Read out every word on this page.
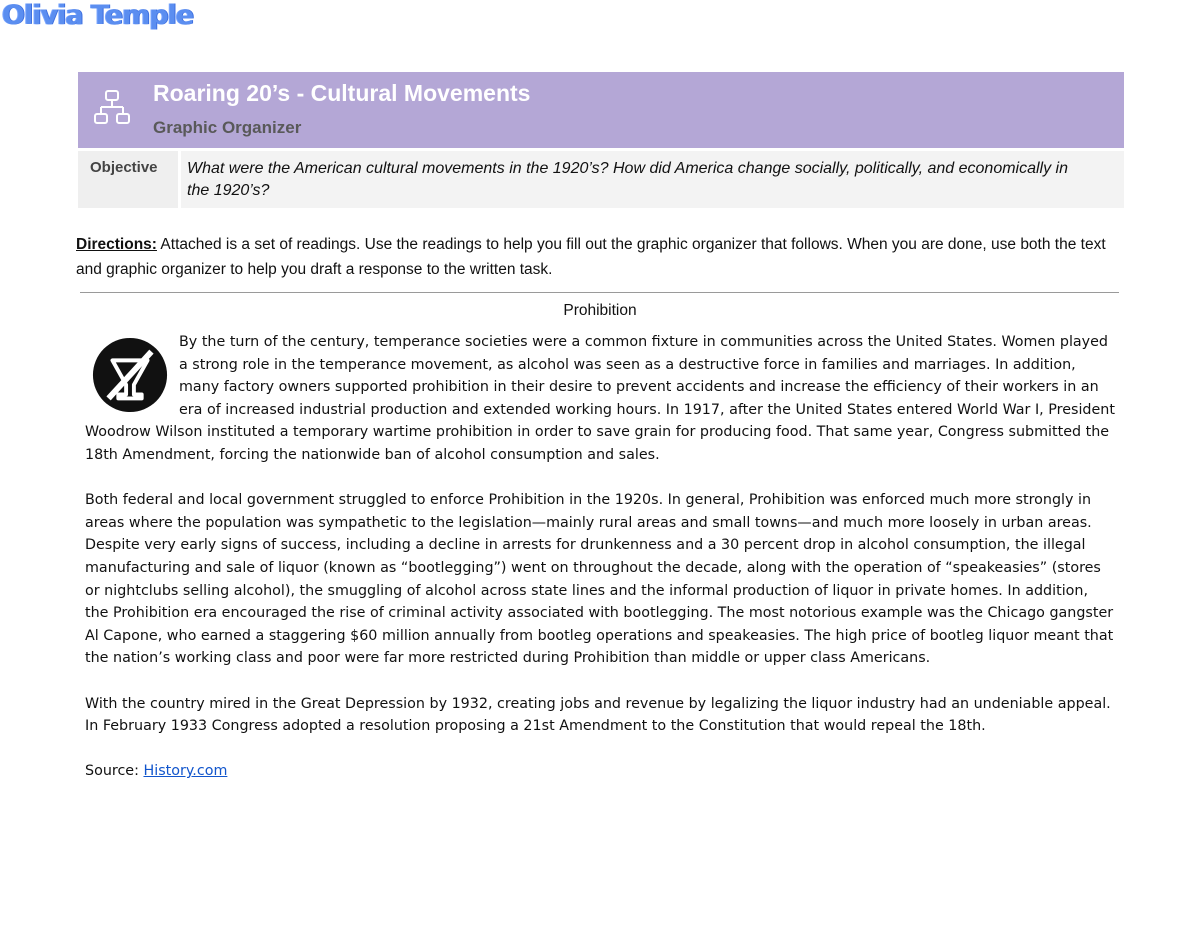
Olivia Temple
Roaring 20’s - Cultural Movements
Graphic Organizer
Objective	What were the American cultural movements in the 1920’s? How did America change socially, politically, and economically in the 1920’s?
Directions: Attached is a set of readings. Use the readings to help you fill out the graphic organizer that follows. When you are done, use both the text and graphic organizer to help you draft a response to the written task.
Prohibition

By the turn of the century, temperance societies were a common fixture in communities across the United States. Women played a strong role in the temperance movement, as alcohol was seen as a destructive force in families and marriages. In addition, many factory owners supported prohibition in their desire to prevent accidents and increase the efficiency of their workers in an era of increased industrial production and extended working hours. In 1917, after the United States entered World War I, President Woodrow Wilson instituted a temporary wartime prohibition in order to save grain for producing food. That same year, Congress submitted the 18th Amendment, forcing the nationwide ban of alcohol consumption and sales.

Both federal and local government struggled to enforce Prohibition in the 1920s. In general, Prohibition was enforced much more strongly in areas where the population was sympathetic to the legislation—mainly rural areas and small towns—and much more loosely in urban areas. Despite very early signs of success, including a decline in arrests for drunkenness and a 30 percent drop in alcohol consumption, the illegal manufacturing and sale of liquor (known as “bootlegging”) went on throughout the decade, along with the operation of “speakeasies” (stores or nightclubs selling alcohol), the smuggling of alcohol across state lines and the informal production of liquor in private homes. In addition, the Prohibition era encouraged the rise of criminal activity associated with bootlegging. The most notorious example was the Chicago gangster Al Capone, who earned a staggering $60 million annually from bootleg operations and speakeasies. The high price of bootleg liquor meant that the nation’s working class and poor were far more restricted during Prohibition than middle or upper class Americans.

With the country mired in the Great Depression by 1932, creating jobs and revenue by legalizing the liquor industry had an undeniable appeal. In February 1933 Congress adopted a resolution proposing a 21st Amendment to the Constitution that would repeal the 18th.

Source: History.com
